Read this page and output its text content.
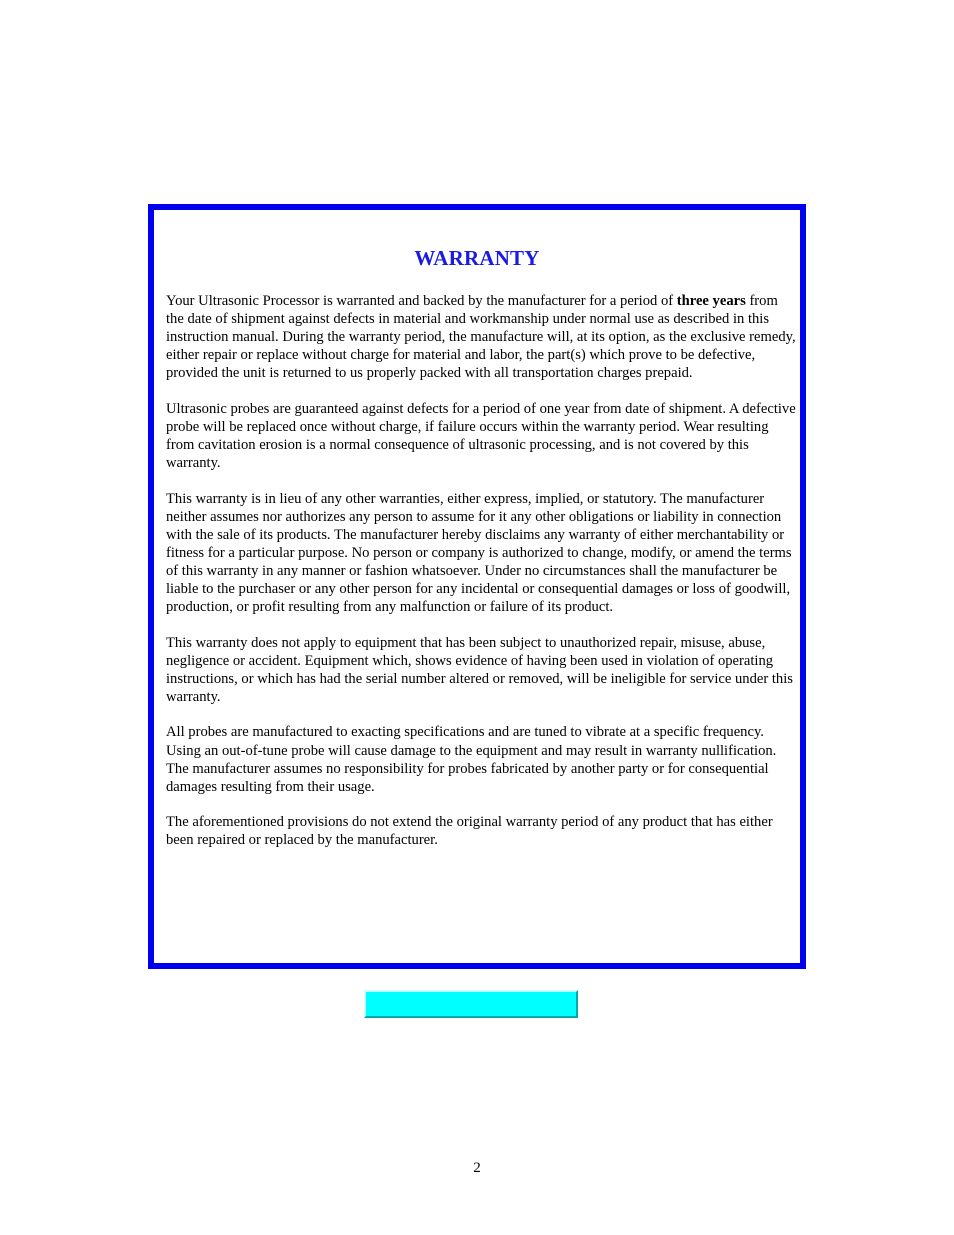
WARRANTY

Your Ultrasonic Processor is warranted and backed by the manufacturer for a period of three years from the date of shipment against defects in material and workmanship under normal use as described in this instruction manual. During the warranty period, the manufacture will, at its option, as the exclusive remedy, either repair or replace without charge for material and labor, the part(s) which prove to be defective, provided the unit is returned to us properly packed with all transportation charges prepaid.

Ultrasonic probes are guaranteed against defects for a period of one year from date of shipment. A defective probe will be replaced once without charge, if failure occurs within the warranty period. Wear resulting from cavitation erosion is a normal consequence of ultrasonic processing, and is not covered by this warranty.

This warranty is in lieu of any other warranties, either express, implied, or statutory. The manufacturer neither assumes nor authorizes any person to assume for it any other obligations or liability in connection with the sale of its products. The manufacturer hereby disclaims any warranty of either merchantability or fitness for a particular purpose. No person or company is authorized to change, modify, or amend the terms of this warranty in any manner or fashion whatsoever. Under no circumstances shall the manufacturer be liable to the purchaser or any other person for any incidental or consequential damages or loss of goodwill, production, or profit resulting from any malfunction or failure of its product.

This warranty does not apply to equipment that has been subject to unauthorized repair, misuse, abuse, negligence or accident. Equipment which, shows evidence of having been used in violation of operating instructions, or which has had the serial number altered or removed, will be ineligible for service under this warranty.

All probes are manufactured to exacting specifications and are tuned to vibrate at a specific frequency. Using an out-of-tune probe will cause damage to the equipment and may result in warranty nullification. The manufacturer assumes no responsibility for probes fabricated by another party or for consequential damages resulting from their usage.

The aforementioned provisions do not extend the original warranty period of any product that has either been repaired or replaced by the manufacturer.

2
